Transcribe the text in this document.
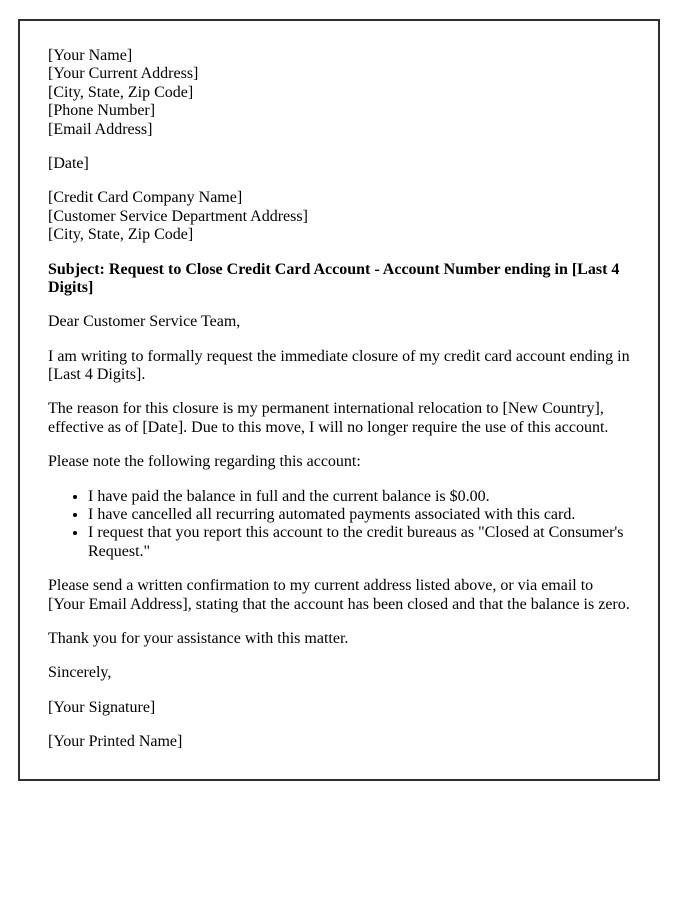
[Your Name]
[Your Current Address]
[City, State, Zip Code]
[Phone Number]
[Email Address]

[Date]

[Credit Card Company Name]
[Customer Service Department Address]
[City, State, Zip Code]

Subject: Request to Close Credit Card Account - Account Number ending in [Last 4 Digits]

Dear Customer Service Team,

I am writing to formally request the immediate closure of my credit card account ending in [Last 4 Digits].

The reason for this closure is my permanent international relocation to [New Country], effective as of [Date]. Due to this move, I will no longer require the use of this account.

Please note the following regarding this account:

• I have paid the balance in full and the current balance is $0.00.
• I have cancelled all recurring automated payments associated with this card.
• I request that you report this account to the credit bureaus as "Closed at Consumer's Request."

Please send a written confirmation to my current address listed above, or via email to [Your Email Address], stating that the account has been closed and that the balance is zero.

Thank you for your assistance with this matter.

Sincerely,

[Your Signature]

[Your Printed Name]
